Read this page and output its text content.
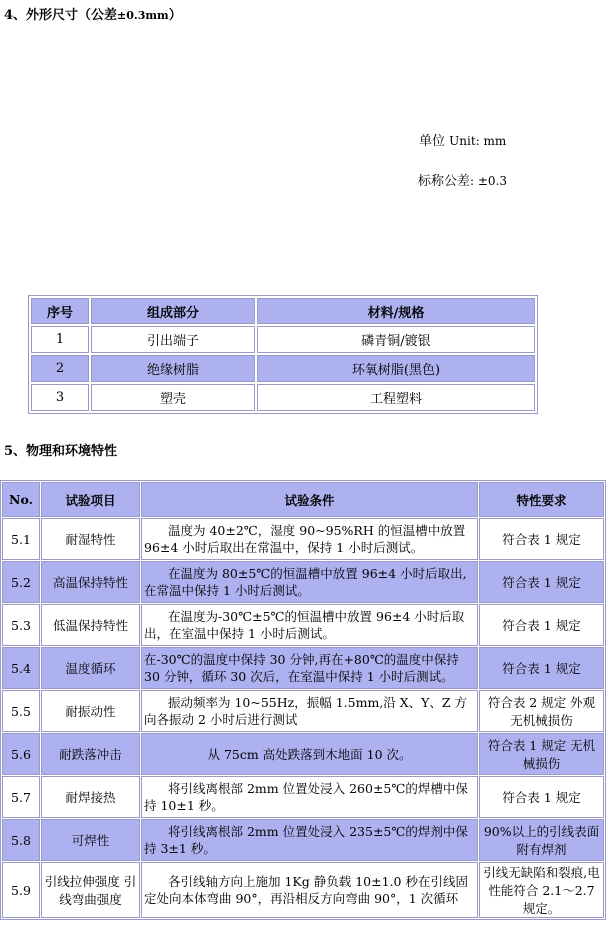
4、外形尺寸（公差±0.3mm）
单位 Unit: mm
标称公差: ±0.3
序号	组成部分	材料/规格
1	引出端子	磷青铜/镀银
2	绝缘树脂	环氧树脂(黑色)
3	塑壳	工程塑料
5、物理和环境特性
No.	试验项目	试验条件	特性要求
5.1	耐湿特性	温度为 40±2℃，湿度 90~95%RH 的恒温槽中放置96±4 小时后取出在常温中，保持 1 小时后测试。	符合表 1 规定
5.2	高温保持特性	在温度为 80±5℃的恒温槽中放置 96±4 小时后取出,在常温中保持 1 小时后测试。	符合表 1 规定
5.3	低温保持特性	在温度为-30℃±5℃的恒温槽中放置 96±4 小时后取出，在室温中保持 1 小时后测试。	符合表 1 规定
5.4	温度循环	在-30℃的温度中保持 30 分钟,再在+80℃的温度中保持 30 分钟，循环 30 次后，在室温中保持 1 小时后测试。	符合表 1 规定
5.5	耐振动性	振动频率为 10~55Hz，振幅 1.5mm,沿 X、Y、Z 方向各振动 2 小时后进行测试	符合表 2 规定 外观无机械损伤
5.6	耐跌落冲击	从 75cm 高处跌落到木地面 10 次。	符合表 1 规定 无机械损伤
5.7	耐焊接热	将引线离根部 2mm 位置处浸入 260±5℃的焊槽中保持 10±1 秒。	符合表 1 规定
5.8	可焊性	将引线离根部 2mm 位置处浸入 235±5℃的焊剂中保持 3±1 秒。	90%以上的引线表面附有焊剂
5.9	引线拉伸强度 引线弯曲强度	各引线轴方向上施加 1Kg 静负载 10±1.0 秒在引线固定处向本体弯曲 90°，再沿相反方向弯曲 90°，1 次循环	引线无缺陷和裂痕,电性能符合 2.1～2.7 规定。
